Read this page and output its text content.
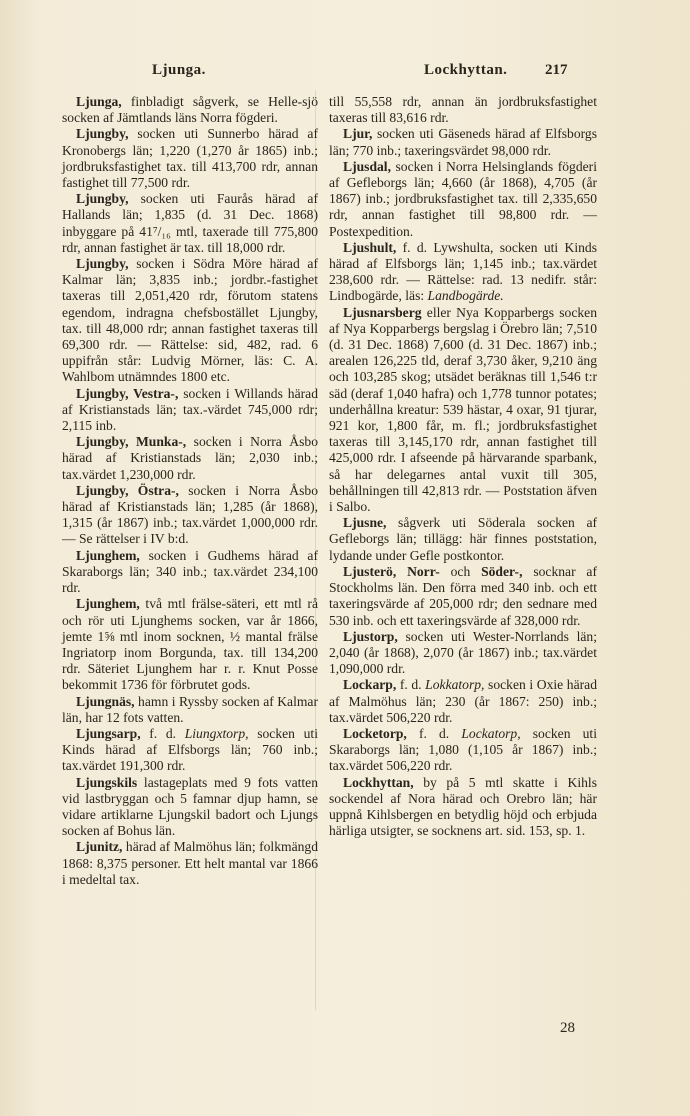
Ljunga.	Lockhyttan.	217

Ljunga, finbladigt sågverk, se Helle-sjö socken af Jämtlands läns Norra fögderi.

Ljungby, socken uti Sunnerbo härad af Kronobergs län; 1,220 (1,270 år 1865) inb.; jordbruksfastighet tax. till 413,700 rdr, annan fastighet till 77,500 rdr.

Ljungby, socken uti Faurås härad af Hallands län; 1,835 (d. 31 Dec. 1868) inbyggare på 41⁷/₁₆ mtl, taxerade till 775,800 rdr, annan fastighet är tax. till 18,000 rdr.

Ljungby, socken i Södra Möre härad af Kalmar län; 3,835 inb.; jordbr.-fastighet taxeras till 2,051,420 rdr, förutom statens egendom, indragna chefsbostället Ljungby, tax. till 48,000 rdr; annan fastighet taxeras till 69,300 rdr. — Rättelse: sid, 482, rad. 6 uppifrån står: Ludvig Mörner, läs: C. A. Wahlbom utnämndes 1800 etc.

Ljungby, Vestra-, socken i Willands härad af Kristianstads län; tax.-värdet 745,000 rdr; 2,115 inb.

Ljungby, Munka-, socken i Norra Åsbo härad af Kristianstads län; 2,030 inb.; tax.värdet 1,230,000 rdr.

Ljungby, Östra-, socken i Norra Åsbo härad af Kristianstads län; 1,285 (år 1868), 1,315 (år 1867) inb.; tax.värdet 1,000,000 rdr. — Se rättelser i IV b:d.

Ljunghem, socken i Gudhems härad af Skaraborgs län; 340 inb.; tax.värdet 234,100 rdr.

Ljunghem, två mtl frälse-säteri, ett mtl rå och rör uti Ljunghems socken, var år 1866, jemte 1⅝ mtl inom socknen, ½ mantal frälse Ingriatorp inom Borgunda, tax. till 134,200 rdr. Säteriet Ljunghem har r. r. Knut Posse bekommit 1736 för förbrutet gods.

Ljungnäs, hamn i Ryssby socken af Kalmar län, har 12 fots vatten.

Ljungsarp, f. d. Liungxtorp, socken uti Kinds härad af Elfsborgs län; 760 inb.; tax.värdet 191,300 rdr.

Ljungskils lastageplats med 9 fots vatten vid lastbryggan och 5 famnar djup hamn, se vidare artiklarne Ljungskil badort och Ljungs socken af Bohus län.

Ljunitz, härad af Malmöhus län; folkmängd 1868: 8,375 personer. Ett helt mantal var 1866 i medeltal tax.

till 55,558 rdr, annan än jordbruksfastighet taxeras till 83,616 rdr.

Ljur, socken uti Gäseneds härad af Elfsborgs län; 770 inb.; taxeringsvärdet 98,000 rdr.

Ljusdal, socken i Norra Helsinglands fögderi af Gefleborgs län; 4,660 (år 1868), 4,705 (år 1867) inb.; jordbruksfastighet tax. till 2,335,650 rdr, annan fastighet till 98,800 rdr. — Postexpedition.

Ljushult, f. d. Lywshulta, socken uti Kinds härad af Elfsborgs län; 1,145 inb.; tax.värdet 238,600 rdr. — Rättelse: rad. 13 nedifr. står: Lindbogärde, läs: Landbogärde.

Ljusnarsberg eller Nya Kopparbergs socken af Nya Kopparbergs bergslag i Örebro län; 7,510 (d. 31 Dec. 1868) 7,600 (d. 31 Dec. 1867) inb.; arealen 126,225 tld, deraf 3,730 åker, 9,210 äng och 103,285 skog; utsädet beräknas till 1,546 t:r säd (deraf 1,040 hafra) och 1,778 tunnor potates; underhållna kreatur: 539 hästar, 4 oxar, 91 tjurar, 921 kor, 1,800 får, m. fl.; jordbruksfastighet taxeras till 3,145,170 rdr, annan fastighet till 425,000 rdr. I afseende på härvarande sparbank, så har delegarnes antal vuxit till 305, behållningen till 42,813 rdr. — Poststation äfven i Salbo.

Ljusne, sågverk uti Söderala socken af Gefleborgs län; tillägg: här finnes poststation, lydande under Gefle postkontor.

Ljusterö, Norr- och Söder-, socknar af Stockholms län. Den förra med 340 inb. och ett taxeringsvärde af 205,000 rdr; den sednare med 530 inb. och ett taxeringsvärde af 328,000 rdr.

Ljustorp, socken uti Wester-Norrlands län; 2,040 (år 1868), 2,070 (år 1867) inb.; tax.värdet 1,090,000 rdr.

Lockarp, f. d. Lokkatorp, socken i Oxie härad af Malmöhus län; 230 (år 1867: 250) inb.; tax.värdet 506,220 rdr.

Locketorp, f. d. Lockatorp, socken uti Skaraborgs län; 1,080 (1,105 år 1867) inb.; tax.värdet 506,220 rdr.

Lockhyttan, by på 5 mtl skatte i Kihls sockendel af Nora härad och Orebro län; här uppnå Kihlsbergen en betydlig höjd och erbjuda härliga utsigter, se socknens art. sid. 153, sp. 1.

28
